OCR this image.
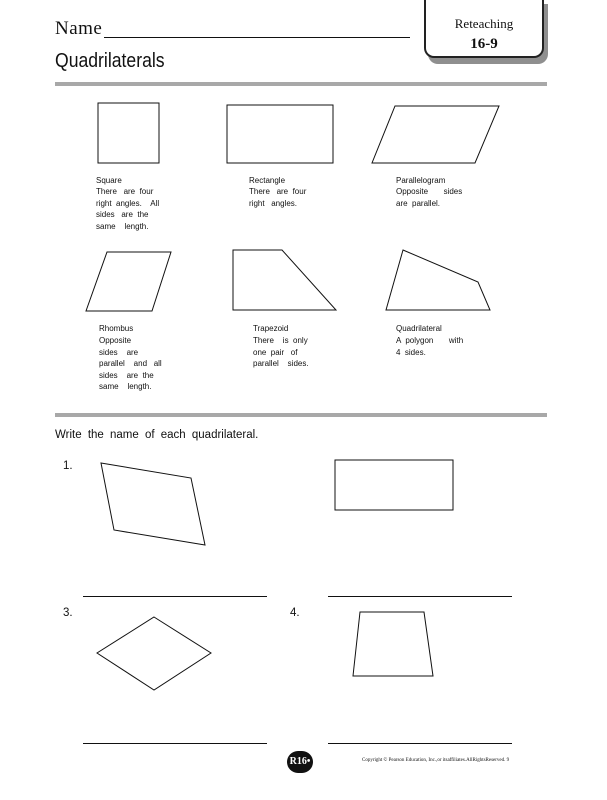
Name
Quadrilaterals
Reteaching
16-9
Square
There   are  four
right  angles.    All
sides   are  the
same    length.
Rectangle
There   are  four
right   angles.
Parallelogram
Opposite       sides
are  parallel.
Rhombus
Opposite
sides    are
parallel    and   all
sides    are  the
same    length.
Trapezoid
There    is  only
one  pair   of
parallel    sides.
Quadrilateral
A  polygon       with
4  sides.
Write the name of each quadrilateral.
1.
3.	4.
R16•	Copyright © Pearson Education, Inc.,or itsaffiliates.AllRightsReserved. 9
